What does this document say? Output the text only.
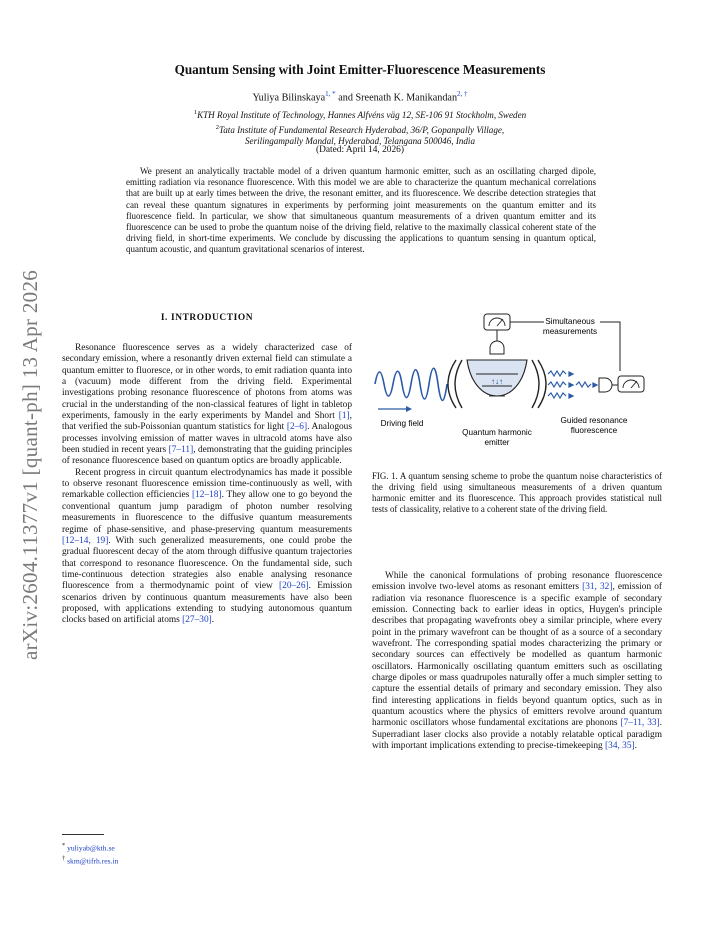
arXiv:2604.11377v1 [quant-ph] 13 Apr 2026
Quantum Sensing with Joint Emitter-Fluorescence Measurements
Yuliya Bilinskaya$^{1, *}$ and Sreenath K. Manikandan$^{2, \dagger}$
$^1$KTH Royal Institute of Technology, Hannes Alfvéns väg 12, SE-106 91 Stockholm, Sweden
$^2$Tata Institute of Fundamental Research Hyderabad, 36/P, Gopanpally Village,
Serilingampally Mandal, Hyderabad, Telangana 500046, India
(Dated: April 14, 2026)

We present an analytically tractable model of a driven quantum harmonic emitter, such as an oscillating charged dipole, emitting radiation via resonance fluorescence. With this model we are able to characterize the quantum mechanical correlations that are built up at early times between the drive, the resonant emitter, and its fluorescence. We describe detection strategies that can reveal these quantum signatures in experiments by performing joint measurements on the quantum emitter and its fluorescence field. In particular, we show that simultaneous quantum measurements of a driven quantum emitter and its fluorescence can be used to probe the quantum noise of the driving field, relative to the maximally classical coherent state of the driving field, in short-time experiments. We conclude by discussing the applications to quantum sensing in quantum optical, quantum acoustic, and quantum gravitational scenarios of interest.

I. INTRODUCTION

Resonance fluorescence serves as a widely characterized case of secondary emission, where a resonantly driven external field can stimulate a quantum emitter to fluoresce, or in other words, to emit radiation quanta into a (vacuum) mode different from the driving field. Experimental investigations probing resonance fluorescence of photons from atoms was crucial in the understanding of the non-classical features of light in tabletop experiments, famously in the early experiments by Mandel and Short [1], that verified the sub-Poissonian quantum statistics for light [2–6]. Analogous processes involving emission of matter waves in ultracold atoms have also been studied in recent years [7–11], demonstrating that the guiding principles of resonance fluorescence based on quantum optics are broadly applicable.

Recent progress in circuit quantum electrodynamics has made it possible to observe resonant fluorescence emission time-continuously as well, with remarkable collection efficiencies [12–18]. They allow one to go beyond the conventional quantum jump paradigm of photon number resolving measurements in fluorescence to the diffusive quantum measurements regime of phase-sensitive, and phase-preserving quantum measurements [12–14, 19]. With such generalized measurements, one could probe the gradual fluorescent decay of the atom through diffusive quantum trajectories that correspond to resonance fluorescence. On the fundamental side, such time-continuous detection strategies also enable analysing resonance fluorescence from a thermodynamic point of view [20–26]. Emission scenarios driven by continuous quantum measurements have also been proposed, with applications extending to studying autonomous quantum clocks based on artificial atoms [27–30].

* yuliyab@kth.se
† skm@tifrh.res.in
Simultaneous
measurements
Driving field
↑↓↑
Quantum harmonic
emitter
Guided resonance
fluorescence

FIG. 1. A quantum sensing scheme to probe the quantum noise characteristics of the driving field using simultaneous measurements of a driven quantum harmonic emitter and its fluorescence. This approach provides statistical null tests of classicality, relative to a coherent state of the driving field.

While the canonical formulations of probing resonance fluorescence emission involve two-level atoms as resonant emitters [31, 32], emission of radiation via resonance fluorescence is a specific example of secondary emission. Connecting back to earlier ideas in optics, Huygen's principle describes that propagating wavefronts obey a similar principle, where every point in the primary wavefront can be thought of as a source of a secondary wavefront. The corresponding spatial modes characterizing the primary or secondary sources can effectively be modelled as quantum harmonic oscillators. Harmonically oscillating quantum emitters such as oscillating charge dipoles or mass quadrupoles naturally offer a much simpler setting to capture the essential details of primary and secondary emission. They also find interesting applications in fields beyond quantum optics, such as in quantum acoustics where the physics of emitters revolve around quantum harmonic oscillators whose fundamental excitations are phonons [7–11, 33]. Superradiant laser clocks also provide a notably relatable optical paradigm with important implications extending to precise-timekeeping [34, 35].
